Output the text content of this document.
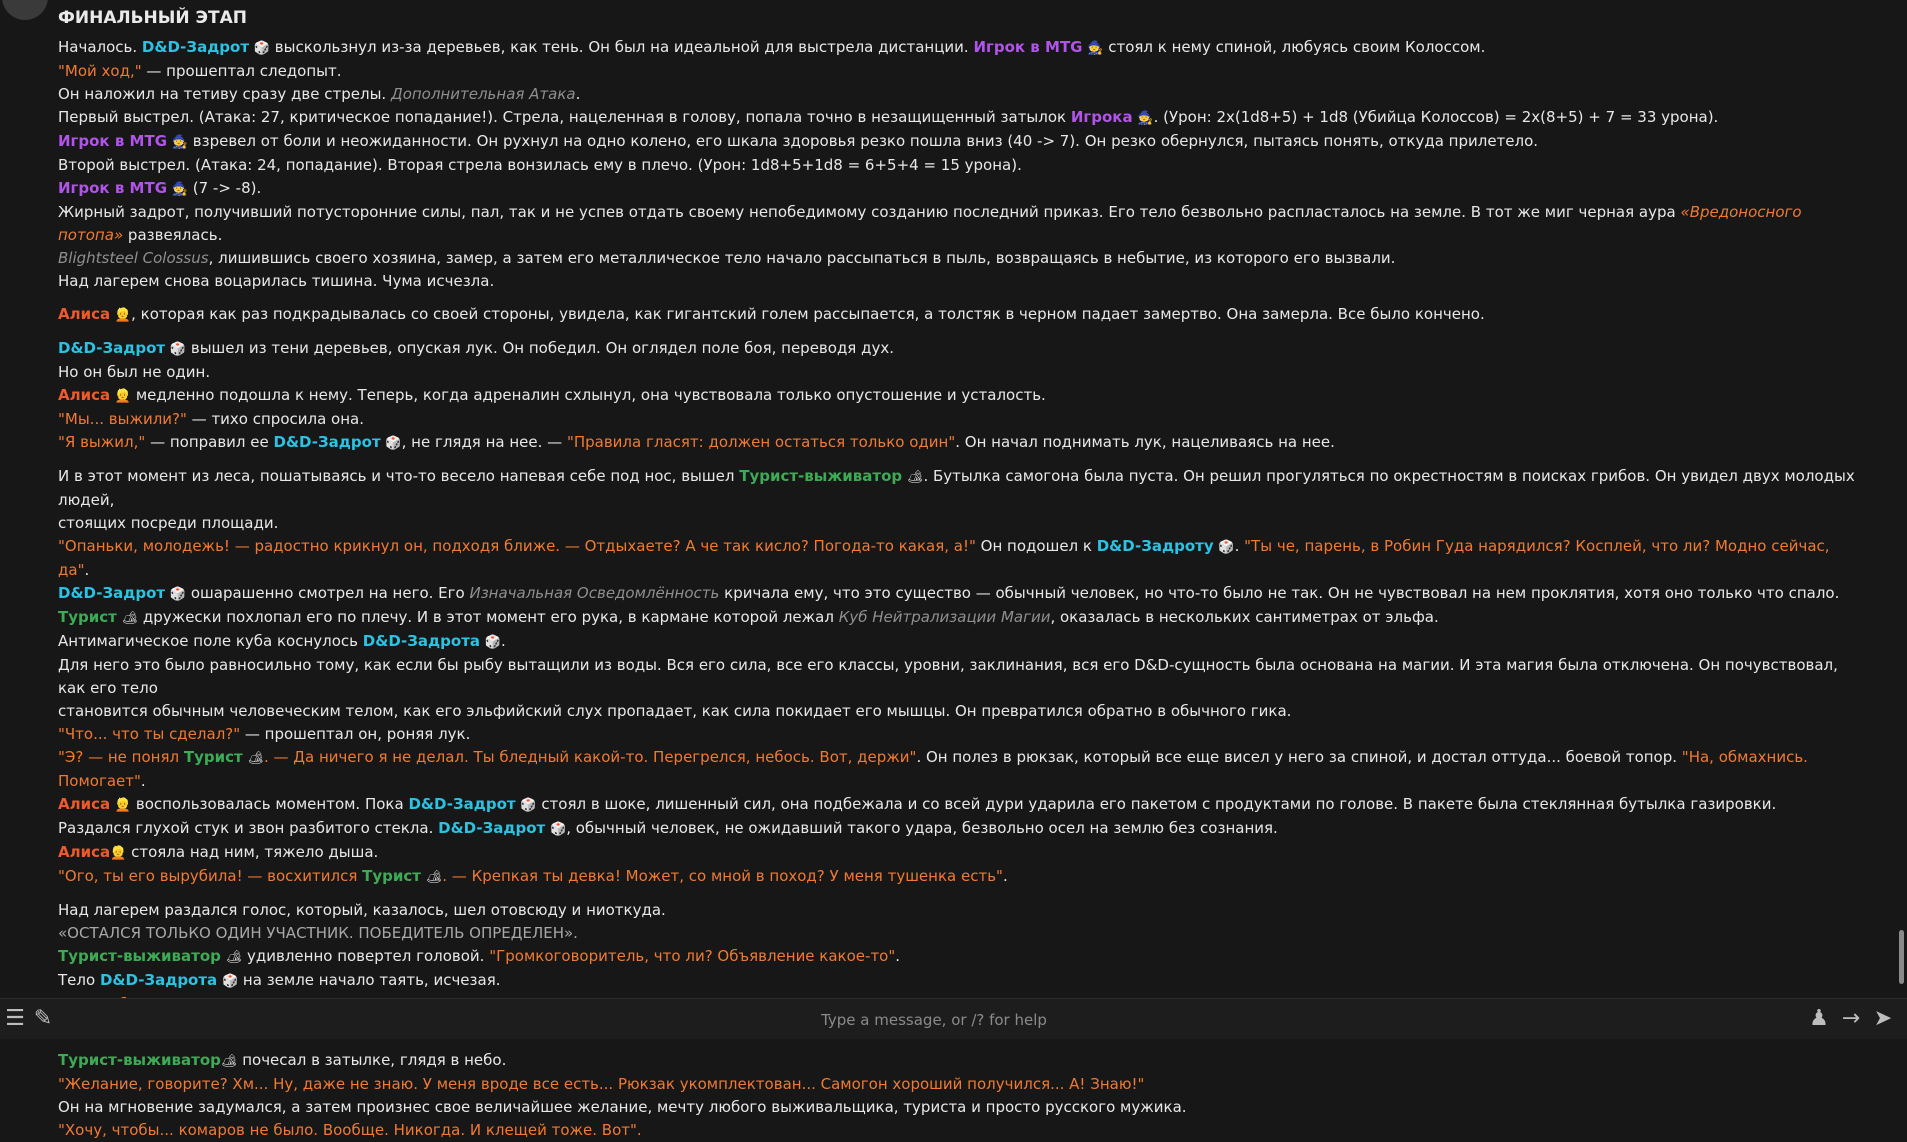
ФИНАЛЬНЫЙ ЭТАП

Началось. D&D-Задрот 🎲 выскользнул из-за деревьев, как тень. Он был на идеальной для выстрела дистанции. Игрок в MTG 🧙 стоял к нему спиной, любуясь своим Колоссом.

"Мой ход," — прошептал следопыт.

Он наложил на тетиву сразу две стрелы. Дополнительная Атака.

Первый выстрел. (Атака: 27, критическое попадание!). Стрела, нацеленная в голову, попала точно в незащищенный затылок Игрока 🧙. (Урон: 2x(1d8+5) + 1d8 (Убийца Колоссов) = 2x(8+5) + 7 = 33 урона).

Игрок в MTG 🧙 взревел от боли и неожиданности. Он рухнул на одно колено, его шкала здоровья резко пошла вниз (40 -> 7). Он резко обернулся, пытаясь понять, откуда прилетело.

Второй выстрел. (Атака: 24, попадание). Вторая стрела вонзилась ему в плечо. (Урон: 1d8+5+1d8 = 6+5+4 = 15 урона).

Игрок в MTG 🧙 (7 -> -8).

Жирный задрот, получивший потусторонние силы, пал, так и не успев отдать своему непобедимому созданию последний приказ. Его тело безвольно распласталось на земле. В тот же миг черная аура «Вредоносного потопа» развеялась.

Blightsteel Colossus, лишившись своего хозяина, замер, а затем его металлическое тело начало рассыпаться в пыль, возвращаясь в небытие, из которого его вызвали.

Над лагерем снова воцарилась тишина. Чума исчезла.

Алиса 👱, которая как раз подкрадывалась со своей стороны, увидела, как гигантский голем рассыпается, а толстяк в черном падает замертво. Она замерла. Все было кончено.

D&D-Задрот 🎲 вышел из тени деревьев, опуская лук. Он победил. Он оглядел поле боя, переводя дух.

Но он был не один.

Алиса 👱 медленно подошла к нему. Теперь, когда адреналин схлынул, она чувствовала только опустошение и усталость.

"Мы... выжили?" — тихо спросила она.

"Я выжил," — поправил ее D&D-Задрот 🎲, не глядя на нее. — "Правила гласят: должен остаться только один". Он начал поднимать лук, нацеливаясь на нее.

И в этот момент из леса, пошатываясь и что-то весело напевая себе под нос, вышел Турист-выживатор 🏕. Бутылка самогона была пуста. Он решил прогуляться по окрестностям в поисках грибов. Он увидел двух молодых людей,

стоящих посреди площади.

"Опаньки, молодежь! — радостно крикнул он, подходя ближе. — Отдыхаете? А че так кисло? Погода-то какая, а!" Он подошел к D&D-Задроту 🎲. "Ты че, парень, в Робин Гуда нарядился? Косплей, что ли? Модно сейчас, да".

D&D-Задрот 🎲 ошарашенно смотрел на него. Его Изначальная Осведомлённость кричала ему, что это существо — обычный человек, но что-то было не так. Он не чувствовал на нем проклятия, хотя оно только что спало.

Турист 🏕 дружески похлопал его по плечу. И в этот момент его рука, в кармане которой лежал Куб Нейтрализации Магии, оказалась в нескольких сантиметрах от эльфа.

Антимагическое поле куба коснулось D&D-Задрота 🎲.

Для него это было равносильно тому, как если бы рыбу вытащили из воды. Вся его сила, все его классы, уровни, заклинания, вся его D&D-сущность была основана на магии. И эта магия была отключена. Он почувствовал, как его тело

становится обычным человеческим телом, как его эльфийский слух пропадает, как сила покидает его мышцы. Он превратился обратно в обычного гика.

"Что... что ты сделал?" — прошептал он, роняя лук.

"Э? — не понял Турист 🏕. — Да ничего я не делал. Ты бледный какой-то. Перегрелся, небось. Вот, держи". Он полез в рюкзак, который все еще висел у него за спиной, и достал оттуда... боевой топор. "На, обмахнись. Помогает".

Алиса 👱 воспользовалась моментом. Пока D&D-Задрот 🎲 стоял в шоке, лишенный сил, она подбежала и со всей дури ударила его пакетом с продуктами по голове. В пакете была стеклянная бутылка газировки.

Раздался глухой стук и звон разбитого стекла. D&D-Задрот 🎲, обычный человек, не ожидавший такого удара, безвольно осел на землю без сознания.

Алиса👱 стояла над ним, тяжело дыша.

"Ого, ты его вырубила! — восхитился Турист 🏕. — Крепкая ты девка! Может, со мной в поход? У меня тушенка есть".

Над лагерем раздался голос, который, казалось, шел отовсюду и ниоткуда.

«ОСТАЛСЯ ТОЛЬКО ОДИН УЧАСТНИК. ПОБЕДИТЕЛЬ ОПРЕДЕЛЕН».

Турист-выживатор 🏕 удивленно повертел головой. "Громкоговоритель, что ли? Объявление какое-то".

Тело D&D-Задрота 🎲 на земле начало таять, исчезая.

Турист-выживатор🏕 почесал в затылке, глядя в небо.

"Желание, говорите? Хм... Ну, даже не знаю. У меня вроде все есть... Рюкзак укомплектован... Самогон хороший получился... А! Знаю!"

Он на мгновение задумался, а затем произнес свое величайшее желание, мечту любого выживальщика, туриста и просто русского мужика.

"Хочу, чтобы... комаров не было. Вообще. Никогда. И клещей тоже. Вот".

☰ ✎
Type a message, or /? for help	♟ → ➤
